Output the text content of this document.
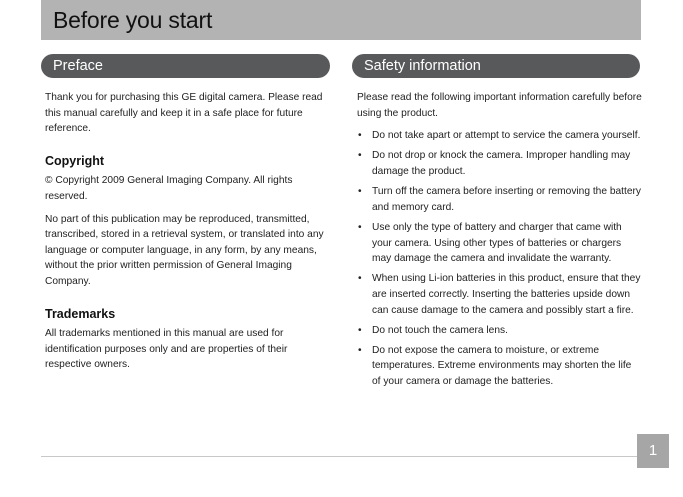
Before you start
Preface	Safety information

Thank you for purchasing this GE digital camera. Please read this manual carefully and keep it in a safe place for future reference.

Copyright

© Copyright 2009 General Imaging Company. All rights reserved.

No part of this publication may be reproduced, transmitted, transcribed, stored in a retrieval system, or translated into any language or computer language, in any form, by any means, without the prior written permission of General Imaging Company.

Trademarks

All trademarks mentioned in this manual are used for identification purposes only and are properties of their respective owners.

Please read the following important information carefully before using the product.

• Do not take apart or attempt to service the camera yourself.
• Do not drop or knock the camera. Improper handling may damage the product.
• Turn off the camera before inserting or removing the battery and memory card.
• Use only the type of battery and charger that came with your camera. Using other types of batteries or chargers may damage the camera and invalidate the warranty.
• When using Li-ion batteries in this product, ensure that they are inserted correctly. Inserting the batteries upside down can cause damage to the camera and possibly start a fire.
• Do not touch the camera lens.
• Do not expose the camera to moisture, or extreme temperatures. Extreme environments may shorten the life of your camera or damage the batteries.
1
